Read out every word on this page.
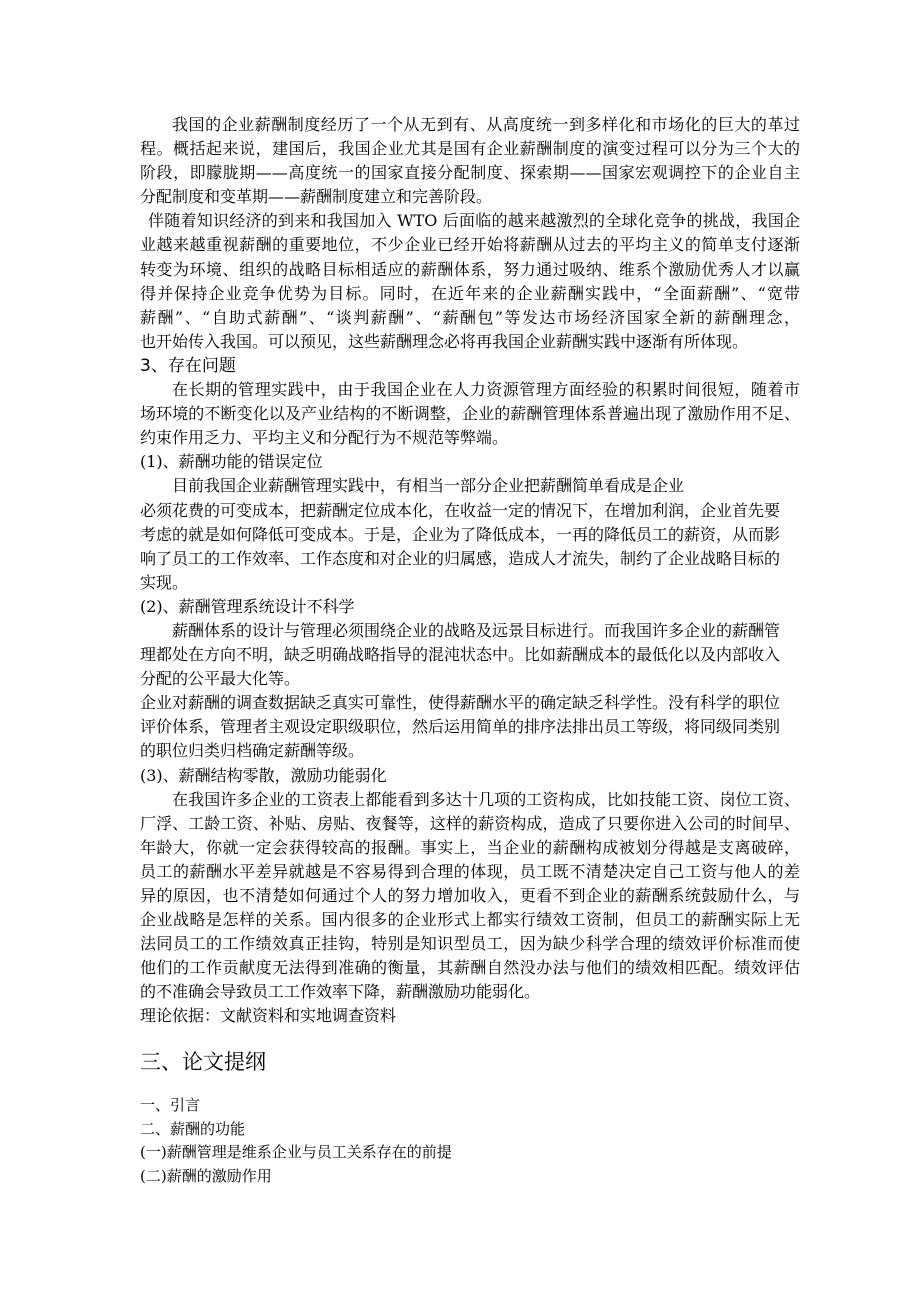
我国的企业薪酬制度经历了一个从无到有、从高度统一到多样化和市场化的巨大的革过
程。概括起来说，建国后，我国企业尤其是国有企业薪酬制度的演变过程可以分为三个大的
阶段，即朦胧期——高度统一的国家直接分配制度、探索期——国家宏观调控下的企业自主
分配制度和变革期——薪酬制度建立和完善阶段。
伴随着知识经济的到来和我国加入 WTO 后面临的越来越激烈的全球化竞争的挑战，我国企
业越来越重视薪酬的重要地位，不少企业已经开始将薪酬从过去的平均主义的简单支付逐渐
转变为环境、组织的战略目标相适应的薪酬体系，努力通过吸纳、维系个激励优秀人才以赢
得并保持企业竞争优势为目标。同时，在近年来的企业薪酬实践中，“全面薪酬”、“宽带
薪酬”、“自助式薪酬”、“谈判薪酬”、“薪酬包”等发达市场经济国家全新的薪酬理念，
也开始传入我国。可以预见，这些薪酬理念必将再我国企业薪酬实践中逐渐有所体现。
3、存在问题
在长期的管理实践中，由于我国企业在人力资源管理方面经验的积累时间很短，随着市
场环境的不断变化以及产业结构的不断调整，企业的薪酬管理体系普遍出现了激励作用不足、
约束作用乏力、平均主义和分配行为不规范等弊端。
(1)、薪酬功能的错误定位
目前我国企业薪酬管理实践中，有相当一部分企业把薪酬简单看成是企业
必须花费的可变成本，把薪酬定位成本化，在收益一定的情况下，在增加利润，企业首先要
考虑的就是如何降低可变成本。于是，企业为了降低成本，一再的降低员工的薪资，从而影
响了员工的工作效率、工作态度和对企业的归属感，造成人才流失，制约了企业战略目标的
实现。
(2)、薪酬管理系统设计不科学
薪酬体系的设计与管理必须围绕企业的战略及远景目标进行。而我国许多企业的薪酬管
理都处在方向不明，缺乏明确战略指导的混沌状态中。比如薪酬成本的最低化以及内部收入
分配的公平最大化等。
企业对薪酬的调查数据缺乏真实可靠性，使得薪酬水平的确定缺乏科学性。没有科学的职位
评价体系，管理者主观设定职级职位，然后运用简单的排序法排出员工等级，将同级同类别
的职位归类归档确定薪酬等级。
(3)、薪酬结构零散，激励功能弱化
在我国许多企业的工资表上都能看到多达十几项的工资构成，比如技能工资、岗位工资、
厂浮、工龄工资、补贴、房贴、夜餐等，这样的薪资构成，造成了只要你进入公司的时间早、
年龄大，你就一定会获得较高的报酬。事实上，当企业的薪酬构成被划分得越是支离破碎，
员工的薪酬水平差异就越是不容易得到合理的体现，员工既不清楚决定自己工资与他人的差
异的原因，也不清楚如何通过个人的努力增加收入，更看不到企业的薪酬系统鼓励什么，与
企业战略是怎样的关系。国内很多的企业形式上都实行绩效工资制，但员工的薪酬实际上无
法同员工的工作绩效真正挂钩，特别是知识型员工，因为缺少科学合理的绩效评价标准而使
他们的工作贡献度无法得到准确的衡量，其薪酬自然没办法与他们的绩效相匹配。绩效评估
的不准确会导致员工工作效率下降，薪酬激励功能弱化。
理论依据：文献资料和实地调查资料
三、论文提纲
一、引言
二、薪酬的功能
(一)薪酬管理是维系企业与员工关系存在的前提
(二)薪酬的激励作用
